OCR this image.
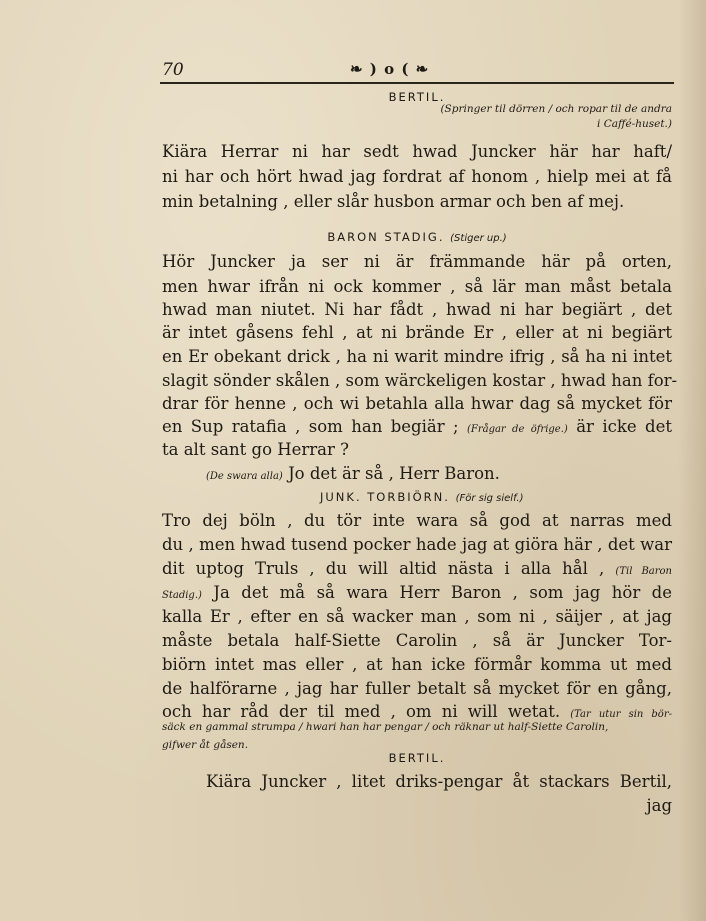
70	❧ ) o ( ❧
BERTIL.
(Springer til dörren / och ropar til de andra
i Caffé-huset.)
Kiära Herrar ni har sedt hwad Juncker här har haft/
ni har och hört hwad jag fordrat af honom , hielp mei at få
min betalning , eller slår husbon armar och ben af mej.
BARON STADIG. (Stiger up.)
Hör Juncker ja ser ni är främmande här på orten,
men hwar ifrån ni ock kommer , så lär man måst betala
hwad man niutet. Ni har fådt , hwad ni har begiärt , det
är intet gåsens fehl , at ni brände Er , eller at ni begiärt
en Er obekant drick , ha ni warit mindre ifrig , så ha ni intet
slagit sönder skålen , som wärckeligen kostar , hwad han for-
drar för henne , och wi betahla alla hwar dag så mycket för
en Sup ratafia , som han begiär ; (Frågar de öfrige.) är icke det
ta alt sant go Herrar ?
(De swara alla) Jo det är så , Herr Baron.
JUNK. TORBIÖRN. (För sig sielf.)
Tro dej böln , du tör inte wara så god at narras med
du , men hwad tusend pocker hade jag at giöra här , det war
dit uptog Truls , du will altid nästa i alla hål , (Til Baron
Stadig.) Ja det må så wara Herr Baron , som jag hör de
kalla Er , efter en så wacker man , som ni , säijer , at jag
måste betala half-Siette Carolin , så är Juncker Tor-
biörn intet mas eller , at han icke förmår komma ut med
de halförarne , jag har fuller betalt så mycket för en gång,
och har råd der til med , om ni will wetat. (Tar utur sin bör-
säck en gammal strumpa / hwari han har pengar / och räknar ut half-Siette Carolin,
gifwer åt gåsen.
BERTIL.
Kiära Juncker , litet driks-pengar åt stackars Bertil,
jag
